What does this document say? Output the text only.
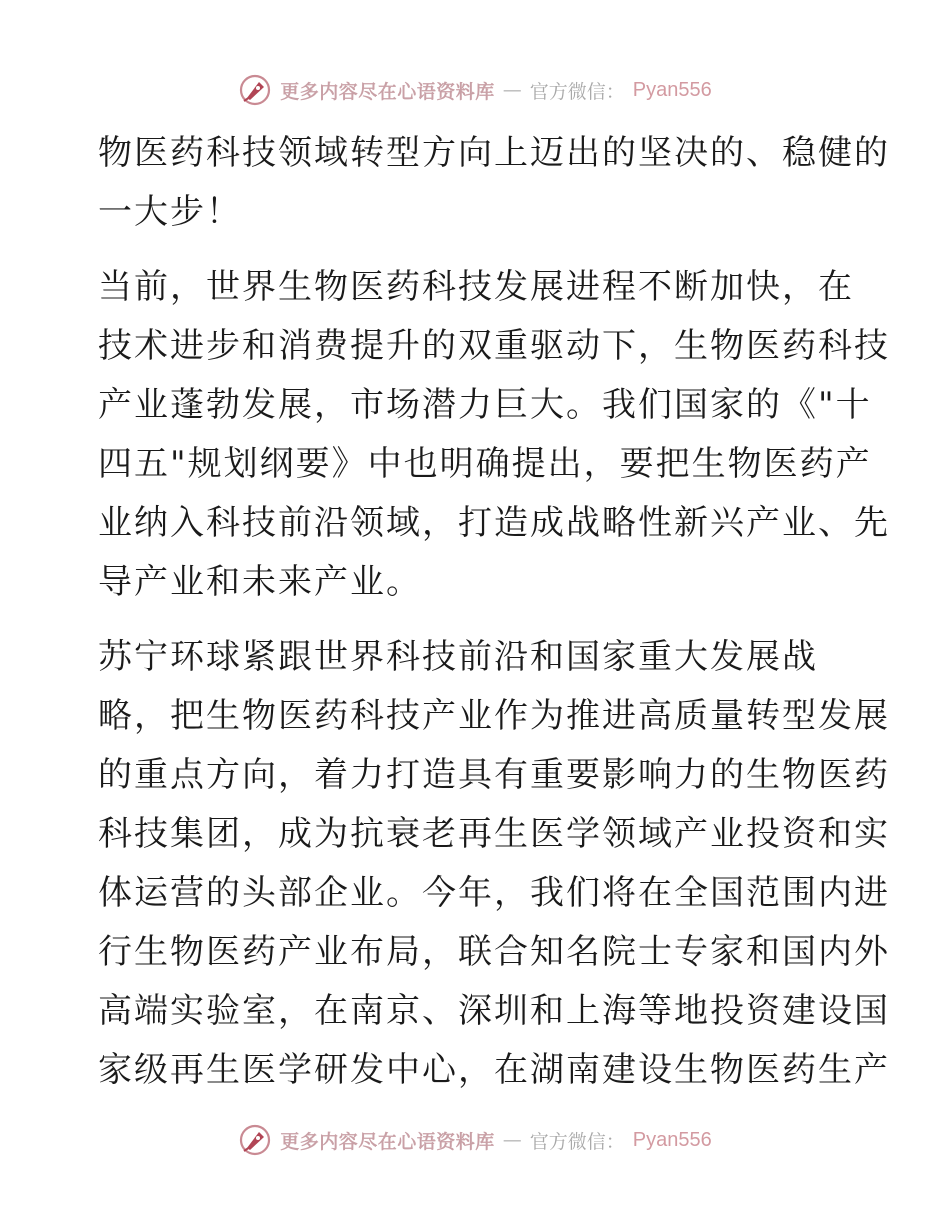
更多内容尽在心语资料库 — 官方微信： Pyan556

物医药科技领域转型方向上迈出的坚决的、稳健的
一大步！

当前，世界生物医药科技发展进程不断加快，在
技术进步和消费提升的双重驱动下，生物医药科技
产业蓬勃发展，市场潜力巨大。我们国家的《"十
四五"规划纲要》中也明确提出，要把生物医药产
业纳入科技前沿领域，打造成战略性新兴产业、先
导产业和未来产业。

苏宁环球紧跟世界科技前沿和国家重大发展战
略，把生物医药科技产业作为推进高质量转型发展
的重点方向，着力打造具有重要影响力的生物医药
科技集团，成为抗衰老再生医学领域产业投资和实
体运营的头部企业。今年，我们将在全国范围内进
行生物医药产业布局，联合知名院士专家和国内外
高端实验室，在南京、深圳和上海等地投资建设国
家级再生医学研发中心，在湖南建设生物医药生产

更多内容尽在心语资料库 — 官方微信： Pyan556
